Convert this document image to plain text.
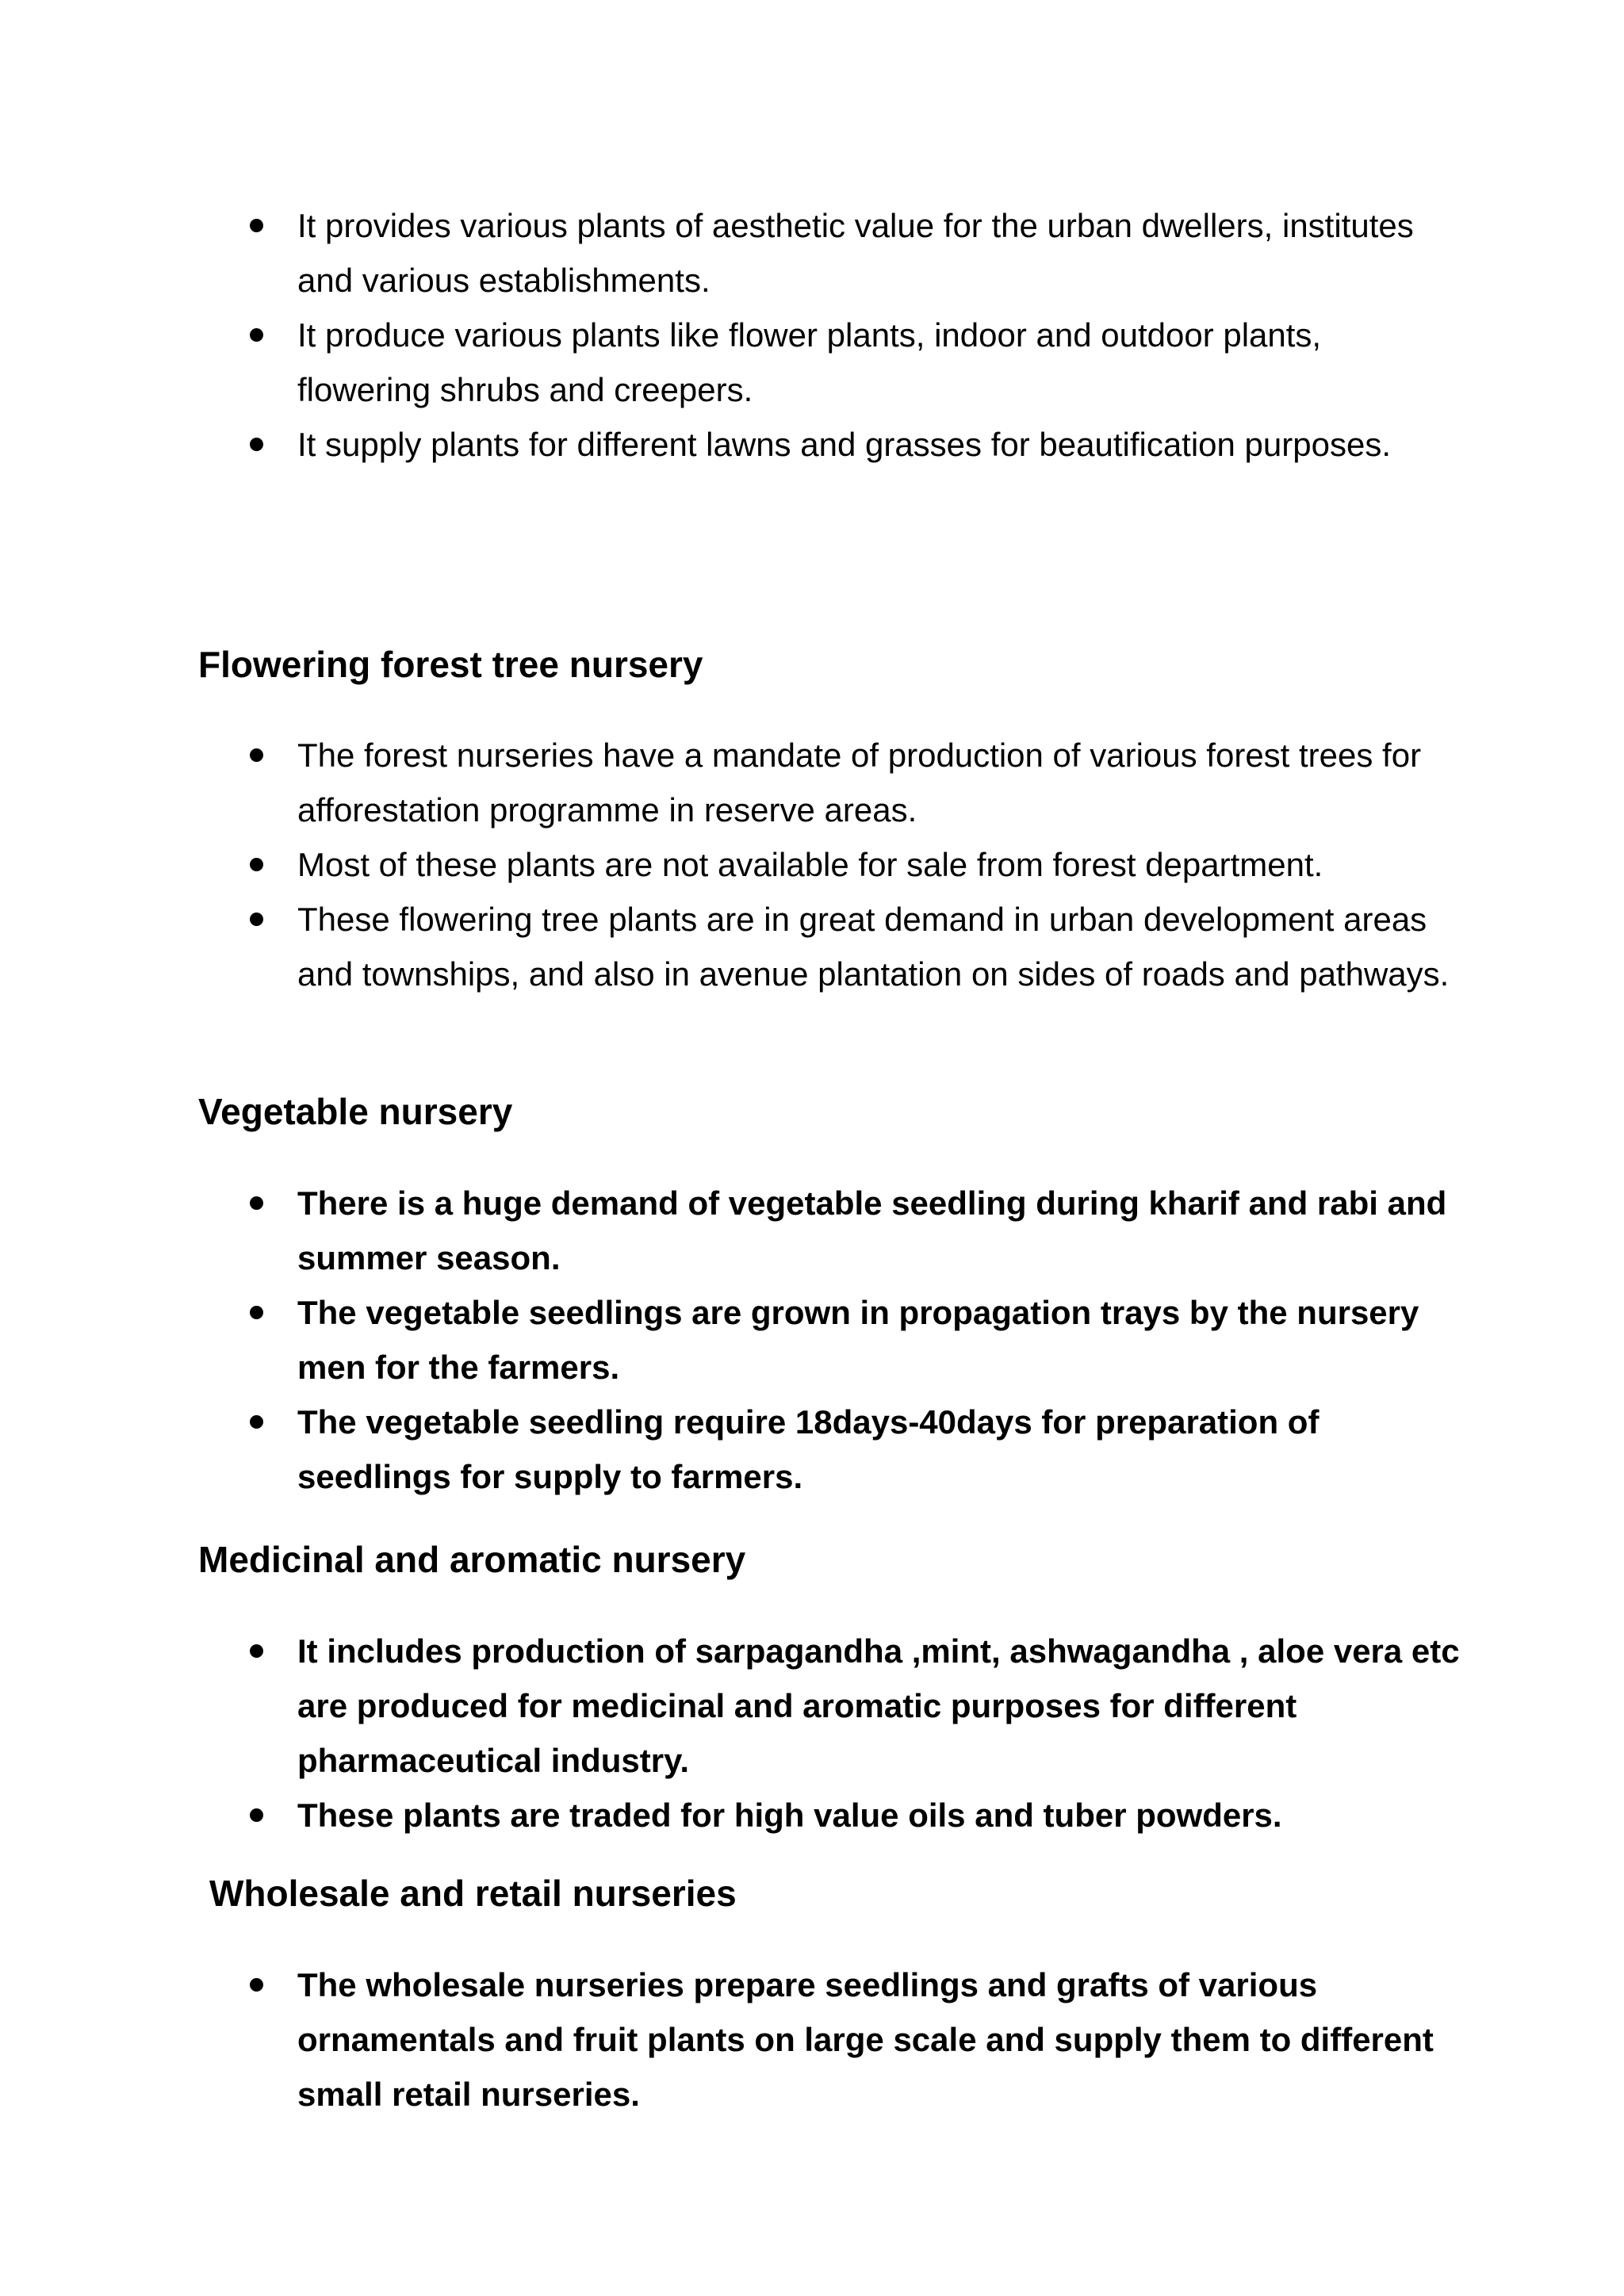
It provides various plants of aesthetic value for the urban dwellers, institutes and various establishments.
It produce various plants like flower plants, indoor and outdoor plants, flowering shrubs and creepers.
It supply plants for different lawns and grasses for beautification purposes.
Flowering forest tree nursery
The forest nurseries have a mandate of production of various forest trees for afforestation programme in reserve areas.
Most of these plants are not available for sale from forest department.
These flowering tree plants are in great demand in urban development areas and townships, and also in avenue plantation on sides of roads and pathways.
Vegetable nursery
There is a huge demand of vegetable seedling during kharif and rabi and summer season.
The vegetable seedlings are grown in propagation trays by the nursery men for the farmers.
The vegetable seedling require 18days-40days for preparation of seedlings for supply to farmers.
Medicinal and aromatic nursery
It includes production of sarpagandha ,mint, ashwagandha , aloe vera etc are produced for medicinal and aromatic purposes for different pharmaceutical industry.
These plants are traded for high value oils and tuber powders.
Wholesale and retail nurseries
The wholesale nurseries prepare seedlings and grafts of various ornamentals and fruit plants on large scale and supply them to different small retail nurseries.
